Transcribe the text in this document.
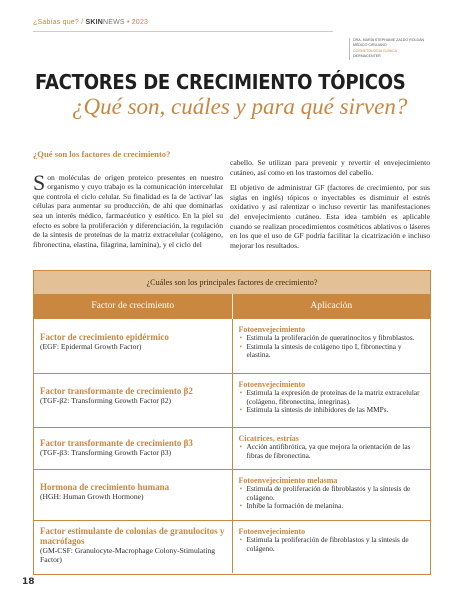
¿Sabías que? / SKINNEWS • 2023
DRA. MARÍA STEPHANIE ZALDO ROLDÁN
MÉDICO CIRUJANO
COSMETOLOGÍA CLÍNICA
DERMACENTER
FACTORES DE CRECIMIENTO TÓPICOS
¿Qué son, cuáles y para qué sirven?
¿Qué son los factores de crecimiento?
S on moléculas de origen proteico presentes en nuestro organismo y cuyo trabajo es la comunicación intercelular que controla el ciclo celular. Su finalidad es la de 'activar' las células para aumentar su producción, de ahí que dominarlas sea un interés médico, farmacéutico y estético. En la piel su efecto es sobre la proliferación y diferenciación, la regulación de la síntesis de proteínas de la matriz extracelular (colágeno, fibronectina, elastina, filagrina, laminina), y el ciclo del

cabello. Se utilizan para prevenir y revertir el envejecimiento cutáneo, así como en los trastornos del cabello.

El objetivo de administrar GF (factores de crecimiento, por sus siglas en inglés) tópicos o inyectables es disminuir el estrés oxidativo y así ralentizar o incluso revertir las manifestaciones del envejecimiento cutáneo. Esta idea también es aplicable cuando se realizan procedimientos cosméticos ablativos o láseres en los que el uso de GF podría facilitar la cicatrización e incluso mejorar los resultados.

¿Cuáles son los principales factores de crecimiento?
Factor de crecimiento	Aplicación
Factor de crecimiento epidérmico
(EGF: Epidermal Growth Factor)
Fotoenvejecimiento
• Estimula la proliferación de queratinocitos y fibroblastos.
• Estimula la síntesis de colágeno tipo I, fibronectina y elastina.
Factor transformante de crecimiento β2
(TGF-β2: Transforming Growth Factor β2)
Fotoenvejecimiento
• Estimula la expresión de proteínas de la matriz extracelular (colágeno, fibronectina, integrinas).
• Estimula la síntesis de inhibidores de las MMPs.
Factor transformante de crecimiento β3
(TGF-β3: Transforming Growth Factor β3)
Cicatrices, estrías
• Acción antifibrótica, ya que mejora la orientación de las fibras de fibronectina.
Hormona de crecimiento humana
(HGH: Human Growth Hormone)
Fotoenvejecimiento melasma
• Estimula de proliferación de fibroblastos y la síntesis de colágeno.
• Inhibe la formación de melanina.
Factor estimulante de colonias de granulocitos y macrófagos
(GM-CSF: Granulocyte-Macrophage Colony-Stimulating Factor)
Fotoenvejecimiento
• Estimula la proliferación de fibroblastos y la síntesis de colágeno.
18
